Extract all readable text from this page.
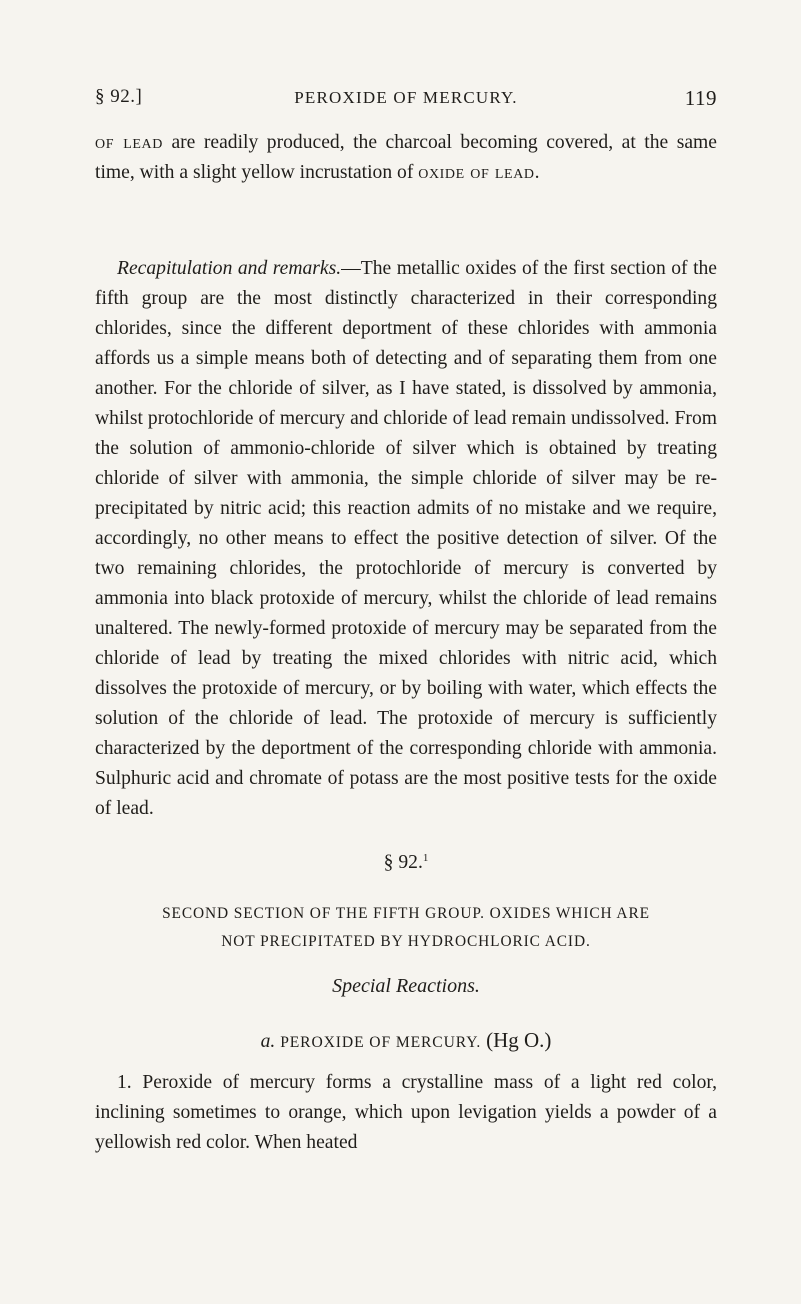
§ 92.]	PEROXIDE OF MERCURY.	119
of lead are readily produced, the charcoal becoming covered, at the same time, with a slight yellow incrustation of oxide of lead.
Recapitulation and remarks.—The metallic oxides of the first section of the fifth group are the most distinctly characterized in their corresponding chlorides, since the different deportment of these chlorides with ammonia affords us a simple means both of detecting and of separating them from one another. For the chloride of silver, as I have stated, is dissolved by ammonia, whilst protochloride of mercury and chloride of lead remain undissolved. From the solution of ammonio-chloride of silver which is obtained by treating chloride of silver with ammonia, the simple chloride of silver may be re-precipitated by nitric acid; this reaction admits of no mistake and we require, accordingly, no other means to effect the positive detection of silver. Of the two remaining chlorides, the protochloride of mercury is converted by ammonia into black protoxide of mercury, whilst the chloride of lead remains unaltered. The newly-formed protoxide of mercury may be separated from the chloride of lead by treating the mixed chlorides with nitric acid, which dissolves the protoxide of mercury, or by boiling with water, which effects the solution of the chloride of lead. The protoxide of mercury is sufficiently characterized by the deportment of the corresponding chloride with ammonia. Sulphuric acid and chromate of potass are the most positive tests for the oxide of lead.
§ 92.$^1$
SECOND SECTION OF THE FIFTH GROUP. OXIDES WHICH ARE
NOT PRECIPITATED BY HYDROCHLORIC ACID.
Special Reactions.
a. PEROXIDE OF MERCURY. (Hg O.)
1. Peroxide of mercury forms a crystalline mass of a light red color, inclining sometimes to orange, which upon levigation yields a powder of a yellowish red color. When heated
